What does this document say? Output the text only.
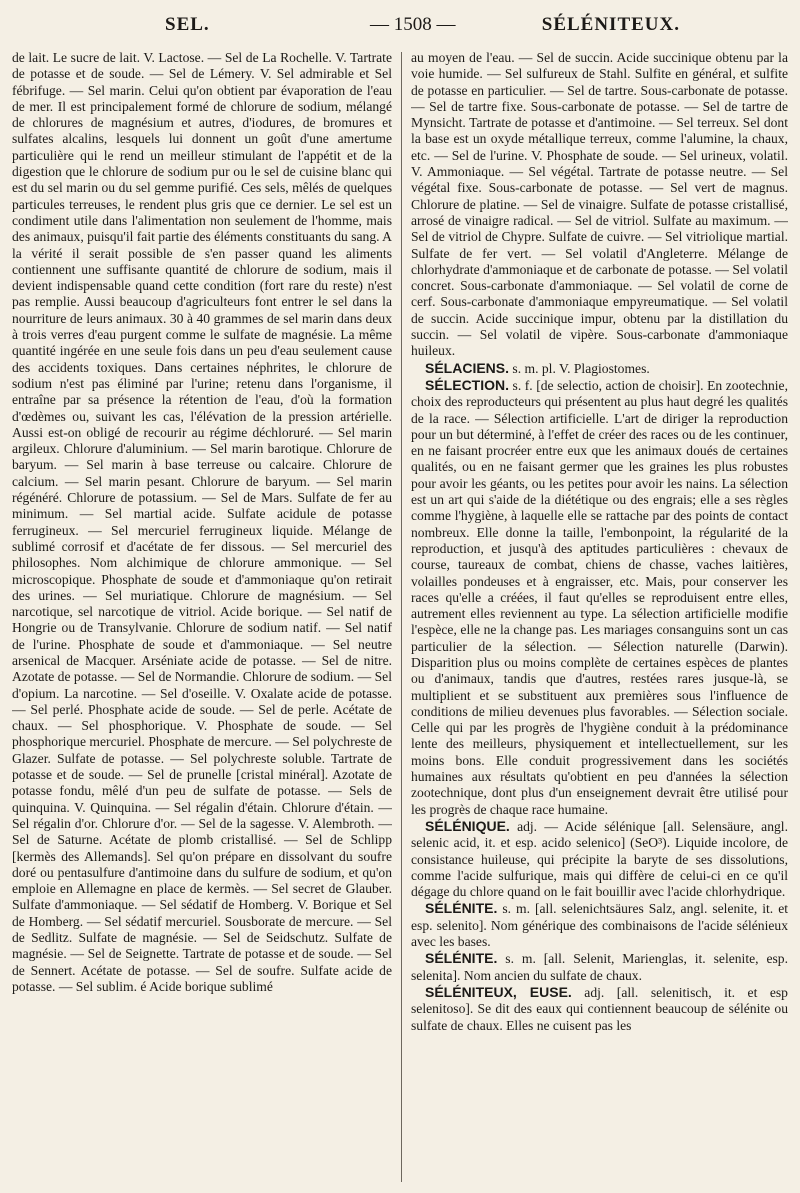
SEL.	— 1508 —	SÉLÉNITEUX.

de lait. Le sucre de lait. V. Lactose. — Sel de La Rochelle. V. Tartrate de potasse et de soude. — Sel de Lémery. V. Sel admirable et Sel fébrifuge. — Sel marin. Celui qu'on obtient par évaporation de l'eau de mer. Il est principalement formé de chlorure de sodium, mélangé de chlorures de magnésium et autres, d'iodures, de bromures et sulfates alcalins, lesquels lui donnent un goût d'une amertume particulière qui le rend un meilleur stimulant de l'appétit et de la digestion que le chlorure de sodium pur ou le sel de cuisine blanc qui est du sel marin ou du sel gemme purifié. Ces sels, mêlés de quelques particules terreuses, le rendent plus gris que ce dernier. Le sel est un condiment utile dans l'alimentation non seulement de l'homme, mais des animaux, puisqu'il fait partie des éléments constituants du sang. A la vérité il serait possible de s'en passer quand les aliments contiennent une suffisante quantité de chlorure de sodium, mais il devient indispensable quand cette condition (fort rare du reste) n'est pas remplie. Aussi beaucoup d'agriculteurs font entrer le sel dans la nourriture de leurs animaux. 30 à 40 grammes de sel marin dans deux à trois verres d'eau purgent comme le sulfate de magnésie. La même quantité ingérée en une seule fois dans un peu d'eau seulement cause des accidents toxiques. Dans certaines néphrites, le chlorure de sodium n'est pas éliminé par l'urine; retenu dans l'organisme, il entraîne par sa présence la rétention de l'eau, d'où la formation d'œdèmes ou, suivant les cas, l'élévation de la pression artérielle. Aussi est-on obligé de recourir au régime déchloruré. — Sel marin argileux. Chlorure d'aluminium. — Sel marin barotique. Chlorure de baryum. — Sel marin à base terreuse ou calcaire. Chlorure de calcium. — Sel marin pesant. Chlorure de baryum. — Sel marin régénéré. Chlorure de potassium. — Sel de Mars. Sulfate de fer au minimum. — Sel martial acide. Sulfate acidule de potasse ferrugineux. — Sel mercuriel ferrugineux liquide. Mélange de sublimé corrosif et d'acétate de fer dissous. — Sel mercuriel des philosophes. Nom alchimique de chlorure ammonique. — Sel microscopique. Phosphate de soude et d'ammoniaque qu'on retirait des urines. — Sel muriatique. Chlorure de magnésium. — Sel narcotique, sel narcotique de vitriol. Acide borique. — Sel natif de Hongrie ou de Transylvanie. Chlorure de sodium natif. — Sel natif de l'urine. Phosphate de soude et d'ammoniaque. — Sel neutre arsenical de Macquer. Arséniate acide de potasse. — Sel de nitre. Azotate de potasse. — Sel de Normandie. Chlorure de sodium. — Sel d'opium. La narcotine. — Sel d'oseille. V. Oxalate acide de potasse. — Sel perlé. Phosphate acide de soude. — Sel de perle. Acétate de chaux. — Sel phosphorique. V. Phosphate de soude. — Sel phosphorique mercuriel. Phosphate de mercure. — Sel polychreste de Glazer. Sulfate de potasse. — Sel polychreste soluble. Tartrate de potasse et de soude. — Sel de prunelle [cristal minéral]. Azotate de potasse fondu, mêlé d'un peu de sulfate de potasse. — Sels de quinquina. V. Quinquina. — Sel régalin d'étain. Chlorure d'étain. — Sel régalin d'or. Chlorure d'or. — Sel de la sagesse. V. Alembroth. — Sel de Saturne. Acétate de plomb cristallisé. — Sel de Schlipp [kermès des Allemands]. Sel qu'on prépare en dissolvant du soufre doré ou pentasulfure d'antimoine dans du sulfure de sodium, et qu'on emploie en Allemagne en place de kermès. — Sel secret de Glauber. Sulfate d'ammoniaque. — Sel sédatif de Homberg. V. Borique et Sel de Homberg. — Sel sédatif mercuriel. Sousborate de mercure. — Sel de Sedlitz. Sulfate de magnésie. — Sel de Seidschutz. Sulfate de magnésie. — Sel de Seignette. Tartrate de potasse et de soude. — Sel de Sennert. Acétate de potasse. — Sel de soufre. Sulfate acide de potasse. — Sel sublim. é Acide borique sublimé

au moyen de l'eau. — Sel de succin. Acide succinique obtenu par la voie humide. — Sel sulfureux de Stahl. Sulfite en général, et sulfite de potasse en particulier. — Sel de tartre. Sous-carbonate de potasse. — Sel de tartre fixe. Sous-carbonate de potasse. — Sel de tartre de Mynsicht. Tartrate de potasse et d'antimoine. — Sel terreux. Sel dont la base est un oxyde métallique terreux, comme l'alumine, la chaux, etc. — Sel de l'urine. V. Phosphate de soude. — Sel urineux, volatil. V. Ammoniaque. — Sel végétal. Tartrate de potasse neutre. — Sel végétal fixe. Sous-carbonate de potasse. — Sel vert de magnus. Chlorure de platine. — Sel de vinaigre. Sulfate de potasse cristallisé, arrosé de vinaigre radical. — Sel de vitriol. Sulfate au maximum. — Sel de vitriol de Chypre. Sulfate de cuivre. — Sel vitriolique martial. Sulfate de fer vert. — Sel volatil d'Angleterre. Mélange de chlorhydrate d'ammoniaque et de carbonate de potasse. — Sel volatil concret. Sous-carbonate d'ammoniaque. — Sel volatil de corne de cerf. Sous-carbonate d'ammoniaque empyreumatique. — Sel volatil de succin. Acide succinique impur, obtenu par la distillation du succin. — Sel volatil de vipère. Sous-carbonate d'ammoniaque huileux.

SÉLACIENS. s. m. pl. V. Plagiostomes.

SÉLECTION. s. f. [de selectio, action de choisir]. En zootechnie, choix des reproducteurs qui présentent au plus haut degré les qualités de la race. — Sélection artificielle. L'art de diriger la reproduction pour un but déterminé, à l'effet de créer des races ou de les continuer, en ne faisant procréer entre eux que les animaux doués de certaines qualités, ou en ne faisant germer que les graines les plus robustes pour avoir les géants, ou les petites pour avoir les nains. La sélection est un art qui s'aide de la diététique ou des engrais; elle a ses règles comme l'hygiène, à laquelle elle se rattache par des points de contact nombreux. Elle donne la taille, l'embonpoint, la régularité de la reproduction, et jusqu'à des aptitudes particulières : chevaux de course, taureaux de combat, chiens de chasse, vaches laitières, volailles pondeuses et à engraisser, etc. Mais, pour conserver les races qu'elle a créées, il faut qu'elles se reproduisent entre elles, autrement elles reviennent au type. La sélection artificielle modifie l'espèce, elle ne la change pas. Les mariages consanguins sont un cas particulier de la sélection. — Sélection naturelle (Darwin). Disparition plus ou moins complète de certaines espèces de plantes ou d'animaux, tandis que d'autres, restées rares jusque-là, se multiplient et se substituent aux premières sous l'influence de conditions de milieu devenues plus favorables. — Sélection sociale. Celle qui par les progrès de l'hygiène conduit à la prédominance lente des meilleurs, physiquement et intellectuellement, sur les moins bons. Elle conduit progressivement dans les sociétés humaines aux résultats qu'obtient en peu d'années la sélection zootechnique, dont plus d'un enseignement devrait être utilisé pour les progrès de chaque race humaine.

SÉLÉNIQUE. adj. — Acide sélénique [all. Selensäure, angl. selenic acid, it. et esp. acido selenico] (SeO³). Liquide incolore, de consistance huileuse, qui précipite la baryte de ses dissolutions, comme l'acide sulfurique, mais qui diffère de celui-ci en ce qu'il dégage du chlore quand on le fait bouillir avec l'acide chlorhydrique.

SÉLÉNITE. s. m. [all. selenichtsäures Salz, angl. selenite, it. et esp. selenito]. Nom générique des combinaisons de l'acide sélénieux avec les bases.

SÉLÉNITE. s. m. [all. Selenit, Marienglas, it. selenite, esp. selenita]. Nom ancien du sulfate de chaux.

SÉLÉNITEUX, EUSE. adj. [all. selenitisch, it. et esp selenitoso]. Se dit des eaux qui contiennent beaucoup de sélénite ou sulfate de chaux. Elles ne cuisent pas les
